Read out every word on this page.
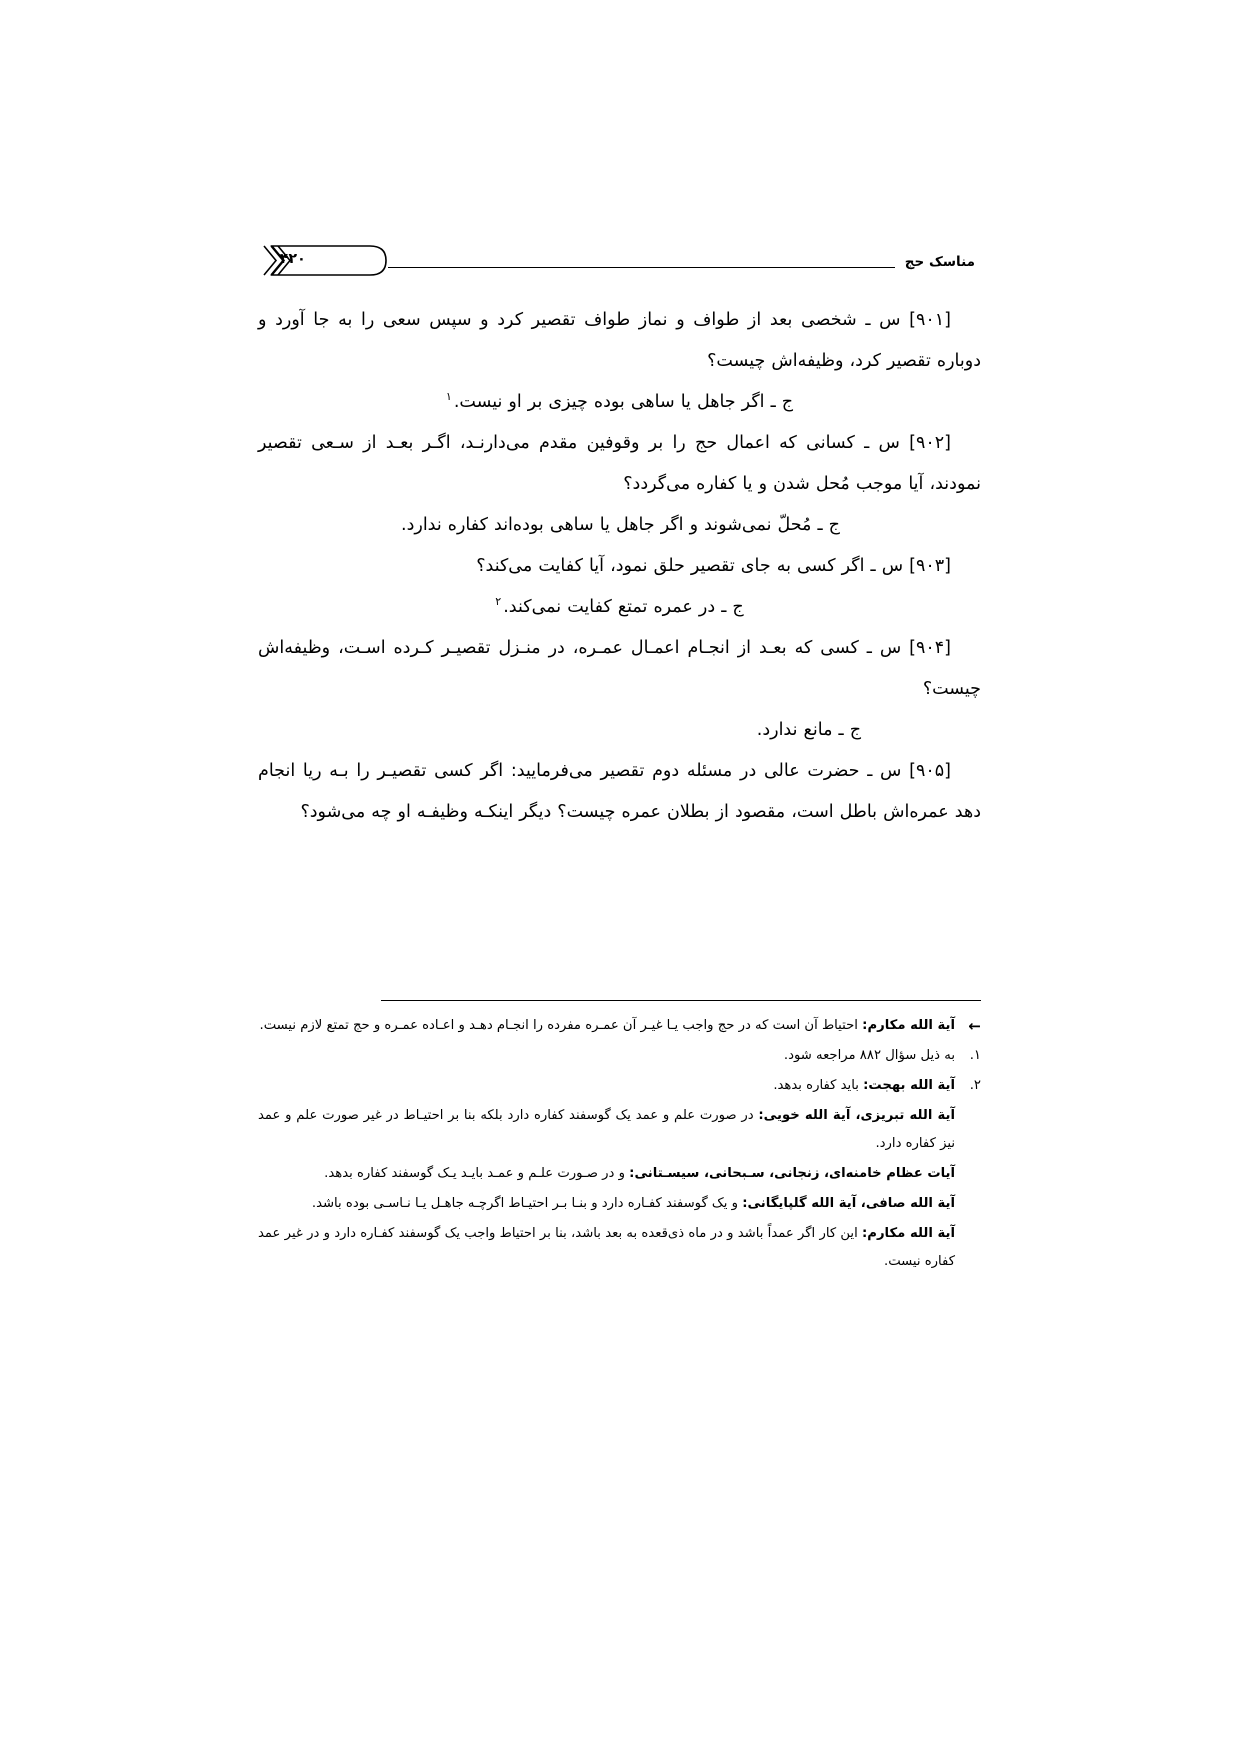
مناسک حج
۴۲۰

[۹۰۱] س ـ شخصی بعد از طواف و نماز طواف تقصیر کرد و سپس سعی را به جا آورد و دوباره تقصیر کرد، وظیفه‌اش چیست؟

ج ـ اگر جاهل یا ساهی بوده چیزی بر او نیست.$^۱$

[۹۰۲] س ـ کسانی که اعمال حج را بر وقوفین مقدم می‌دارنـد، اگـر بعـد از سـعی تقصیر نمودند، آیا موجب مُحل شدن و یا کفاره می‌گردد؟

ج ـ مُحلّ نمی‌شوند و اگر جاهل یا ساهی بوده‌اند کفاره ندارد.

[۹۰۳] س ـ اگر کسی به جای تقصیر حلق نمود، آیا کفایت می‌کند؟

ج ـ در عمره تمتع کفایت نمی‌کند.$^۲$

[۹۰۴] س ـ کسی که بعـد از انجـام اعمـال عمـره، در منـزل تقصیـر کـرده اسـت، وظیفه‌اش چیست؟

ج ـ مانع ندارد.

[۹۰۵] س ـ حضرت عالی در مسئله دوم تقصیر می‌فرمایید: اگر کسی تقصیـر را بـه ریا انجام دهد عمره‌اش باطل است، مقصود از بطلان عمره چیست؟ دیگر اینکـه وظیفـه او چه می‌شود؟

←
آیة الله مکارم: احتیاط آن است که در حج واجب یـا غیـر آن عمـره مفرده را انجـام دهـد و اعـاده عمـره و حج تمتع لازم نیست.
۱.
به ذیل سؤال ۸۸۲ مراجعه شود.
۲.
آیة الله بهجت: باید کفاره بدهد.
آیة الله تبریزی، آیة الله خویی: در صورت علم و عمد یک گوسفند کفاره دارد بلکه بنا بر احتیـاط در غیر صورت علم و عمد نیز کفاره دارد.
آیات عظام خامنه‌ای، زنجانی، سـبحانی، سیسـتانی: و در صـورت علـم و عمـد بایـد یـک گوسفند کفاره بدهد.
آیة الله صافی، آیة الله گلپایگانی: و یک گوسفند کفـاره دارد و بنـا بـر احتیـاط اگرچـه جاهـل یـا نـاسـی بوده باشد.
آیة الله مکارم: این کار اگر عمداً باشد و در ماه ذی‌قعده به بعد باشد، بنا بر احتیاط واجب یک گوسفند کفـاره دارد و در غیر عمد کفاره نیست.
